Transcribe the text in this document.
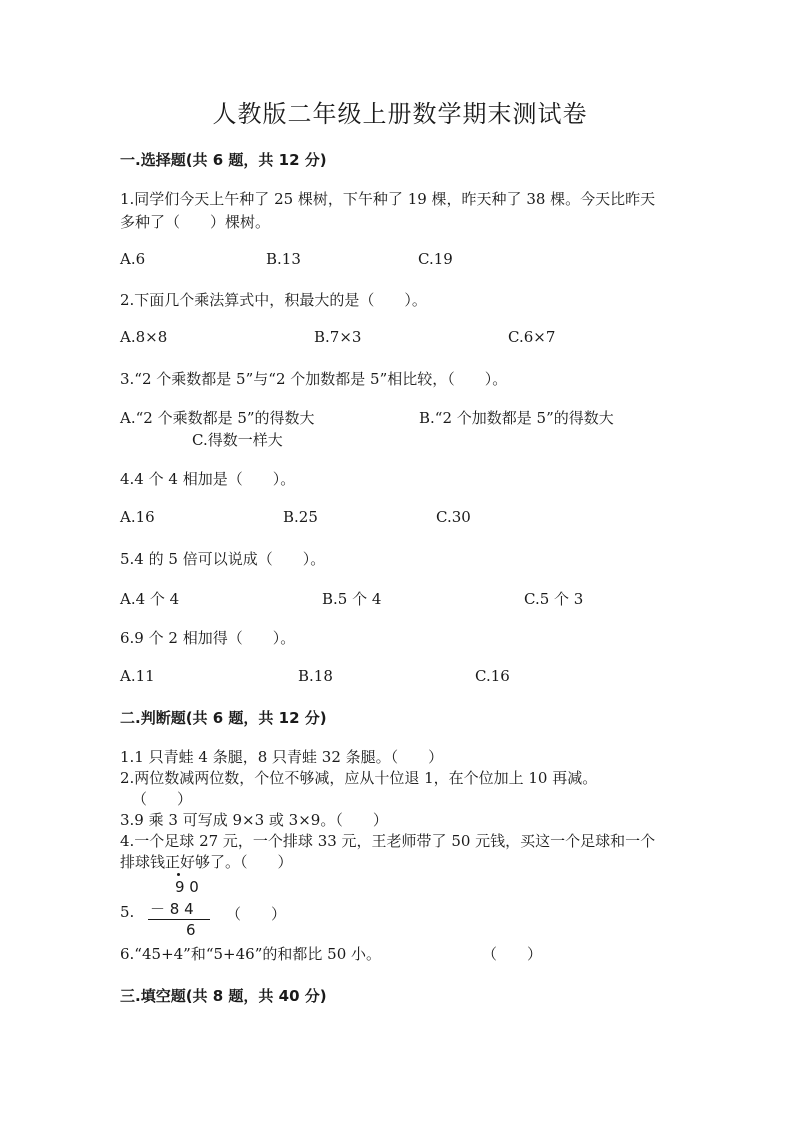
人教版二年级上册数学期末测试卷
一.选择题(共 6 题，共 12 分)
1.同学们今天上午种了 25 棵树，下午种了 19 棵，昨天种了 38 棵。今天比昨天
多种了（　　）棵树。
A.6	B.13	C.19
2.下面几个乘法算式中，积最大的是（　　）。
A.8×8	B.7×3	C.6×7
3.“2 个乘数都是 5”与“2 个加数都是 5”相比较，（　　）。
A.“2 个乘数都是 5”的得数大	B.“2 个加数都是 5”的得数大
C.得数一样大
4.4 个 4 相加是（　　）。
A.16	B.25	C.30
5.4 的 5 倍可以说成（　　）。
A.4 个 4	B.5 个 4	C.5 个 3
6.9 个 2 相加得（　　）。
A.11	B.18	C.16
二.判断题(共 6 题，共 12 分)
1.1 只青蛙 4 条腿，8 只青蛙 32 条腿。（　　）
2.两位数减两位数，个位不够减，应从十位退 1，在个位加上 10 再减。
（　　）
3.9 乘 3 可写成 9×3 或 3×9。（　　）
4.一个足球 27 元，一个排球 33 元，王老师带了 50 元钱，买这一个足球和一个
排球钱正好够了。（　　）
5.
9 0
－ 8 4
6
（　　）
6.“45+4”和“5+46”的和都比 50 小。	（　　）
三.填空题(共 8 题，共 40 分)
